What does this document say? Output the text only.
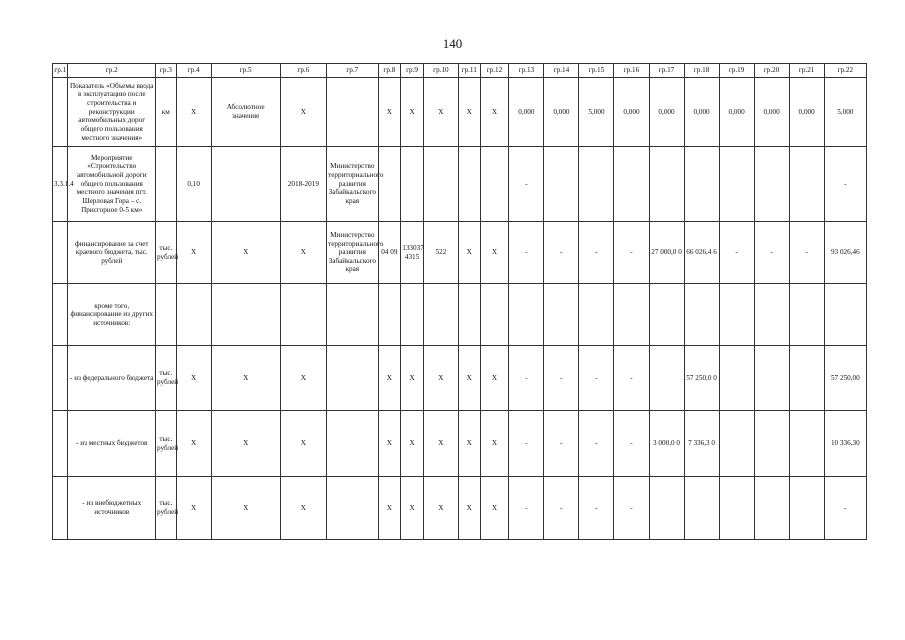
140
гр.1	гр.2	гр.3	гр.4	гр.5	гр.6	гр.7	гр.8	гр.9	гр.10	гр.11	гр.12	гр.13	гр.14	гр.15	гр.16	гр.17	гр.18	гр.19	гр.20	гр.21	гр.22
	Показатель «Объемы ввода в эксплуатацию после строительства и реконструкции автомобильных дорог общего пользования местного значения»	км	X	Абсолютное значение	X		X	X	X	X	X	0,000	0,000	5,000	0,000	0,000	0,000	0,000	0,000	0,000	5,000
3.3.1.4	Мероприятие «Строительство автомобильной дороги общего пользования местного значения пгт. Шерловая Гора – с. Присгорное 0-5 км»		0,10		2018-2019	Министерство территориального развития Забайкальского края						-									-
	финансирование за счет краевого бюджета, тыс. рублей	тыс. рублей	X	X	X	Министерство территориального развития Забайкальского края	04 09	133037 4315	522	X	X	-	-	-	-	27 000,0 0	66 026,4 6	-	-	-	93 026,46
	кроме того, финансирование из других источников:																				
	- из федерального бюджета	тыс. рублей	X	X	X		X	X	X	X	X	-	-	-	-		57 250,0 0				57 250,00
	- из местных бюджетов	тыс. рублей	X	X	X		X	X	X	X	X	-	-	-	-	3 000,0 0	7 336,3 0				10 336,30
	- из внебюджетных источников	тыс. рублей	X	X	X		X	X	X	X	X	-	-	-	-						-
